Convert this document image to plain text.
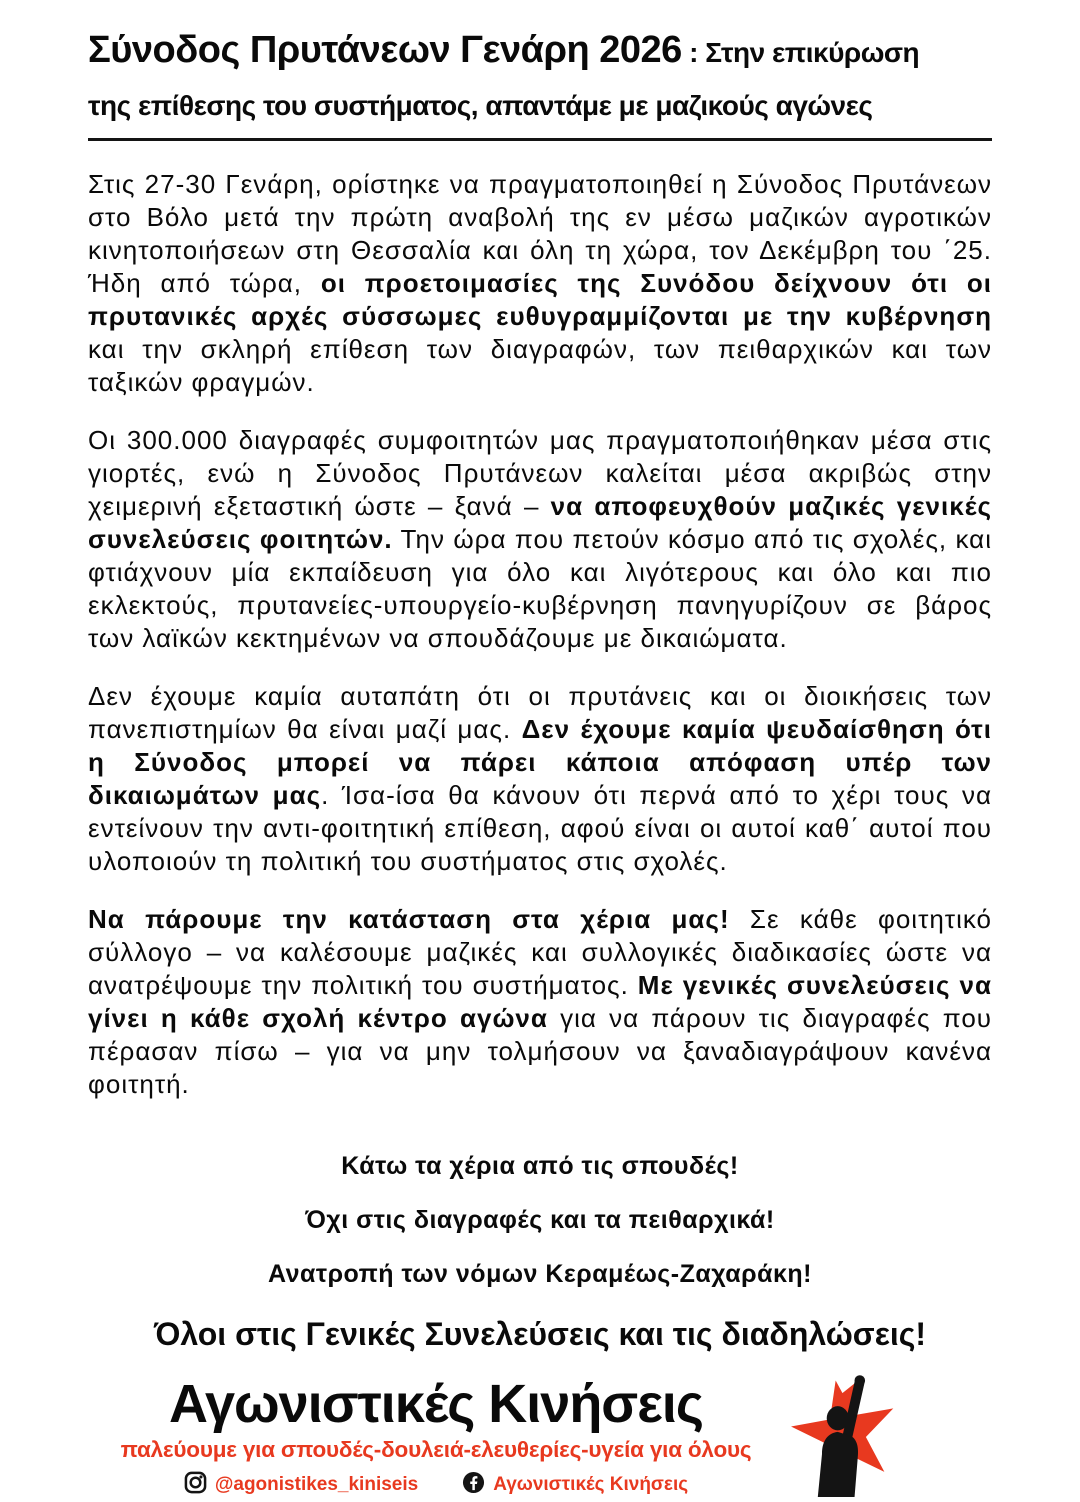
Σύνοδος Πρυτάνεων Γενάρη 2026 : Στην επικύρωση
της επίθεσης του συστήματος, απαντάμε με μαζικούς αγώνες

Στις 27-30 Γενάρη, ορίστηκε να πραγματοποιηθεί η Σύνοδος Πρυτάνεων στο Βόλο μετά την πρώτη αναβολή της εν μέσω μαζικών αγροτικών κινητοποιήσεων στη Θεσσαλία και όλη τη χώρα, τον Δεκέμβρη του ΄25. Ήδη από τώρα, οι προετοιμασίες της Συνόδου δείχνουν ότι οι πρυτανικές αρχές σύσσωμες ευθυγραμμίζονται με την κυβέρνηση και την σκληρή επίθεση των διαγραφών, των πειθαρχικών και των ταξικών φραγμών.

Οι 300.000 διαγραφές συμφοιτητών μας πραγματοποιήθηκαν μέσα στις γιορτές, ενώ η Σύνοδος Πρυτάνεων καλείται μέσα ακριβώς στην χειμερινή εξεταστική ώστε – ξανά – να αποφευχθούν μαζικές γενικές συνελεύσεις φοιτητών. Την ώρα που πετούν κόσμο από τις σχολές, και φτιάχνουν μία εκπαίδευση για όλο και λιγότερους και όλο και πιο εκλεκτούς, πρυτανείες-υπουργείο-κυβέρνηση πανηγυρίζουν σε βάρος των λαϊκών κεκτημένων να σπουδάζουμε με δικαιώματα.

Δεν έχουμε καμία αυταπάτη ότι οι πρυτάνεις και οι διοικήσεις των πανεπιστημίων θα είναι μαζί μας. Δεν έχουμε καμία ψευδαίσθηση ότι η Σύνοδος μπορεί να πάρει κάποια απόφαση υπέρ των δικαιωμάτων μας. Ίσα-ίσα θα κάνουν ότι περνά από το χέρι τους να εντείνουν την αντι-φοιτητική επίθεση, αφού είναι οι αυτοί καθ΄ αυτοί που υλοποιούν τη πολιτική του συστήματος στις σχολές.

Να πάρουμε την κατάσταση στα χέρια μας! Σε κάθε φοιτητικό σύλλογο – να καλέσουμε μαζικές και συλλογικές διαδικασίες ώστε να ανατρέψουμε την πολιτική του συστήματος. Με γενικές συνελεύσεις να γίνει η κάθε σχολή κέντρο αγώνα για να πάρουν τις διαγραφές που πέρασαν πίσω – για να μην τολμήσουν να ξαναδιαγράψουν κανένα φοιτητή.

Κάτω τα χέρια από τις σπουδές!
Όχι στις διαγραφές και τα πειθαρχικά!
Ανατροπή των νόμων Κεραμέως-Ζαχαράκη!
Όλοι στις Γενικές Συνελεύσεις και τις διαδηλώσεις!
Αγωνιστικές Κινήσεις
παλεύουμε για σπουδές-δουλειά-ελευθερίες-υγεία για όλους
@agonistikes_kiniseis	Αγωνιστικές Κινήσεις
